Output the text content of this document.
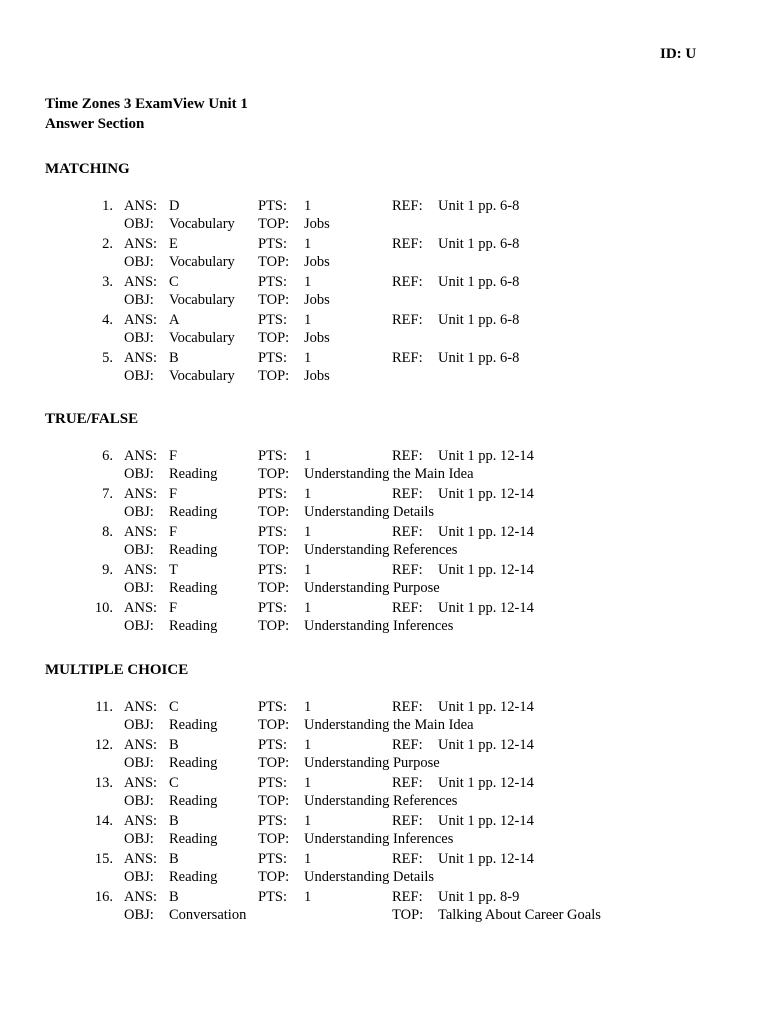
ID: U
Time Zones 3 ExamView Unit 1
Answer Section
MATCHING
1. ANS: D	PTS: 1	REF: Unit 1 pp. 6-8
OBJ: Vocabulary TOP: Jobs
2. ANS: E	PTS: 1	REF: Unit 1 pp. 6-8
OBJ: Vocabulary TOP: Jobs
3. ANS: C	PTS: 1	REF: Unit 1 pp. 6-8
OBJ: Vocabulary TOP: Jobs
4. ANS: A	PTS: 1	REF: Unit 1 pp. 6-8
OBJ: Vocabulary TOP: Jobs
5. ANS: B	PTS: 1	REF: Unit 1 pp. 6-8
OBJ: Vocabulary TOP: Jobs
TRUE/FALSE
6. ANS: F	PTS: 1	REF: Unit 1 pp. 12-14
OBJ: Reading	TOP: Understanding the Main Idea
7. ANS: F	PTS: 1	REF: Unit 1 pp. 12-14
OBJ: Reading	TOP: Understanding Details
8. ANS: F	PTS: 1	REF: Unit 1 pp. 12-14
OBJ: Reading	TOP: Understanding References
9. ANS: T	PTS: 1	REF: Unit 1 pp. 12-14
OBJ: Reading	TOP: Understanding Purpose
10. ANS: F	PTS: 1	REF: Unit 1 pp. 12-14
OBJ: Reading	TOP: Understanding Inferences
MULTIPLE CHOICE
11. ANS: C	PTS: 1	REF: Unit 1 pp. 12-14
OBJ: Reading	TOP: Understanding the Main Idea
12. ANS: B	PTS: 1	REF: Unit 1 pp. 12-14
OBJ: Reading	TOP: Understanding Purpose
13. ANS: C	PTS: 1	REF: Unit 1 pp. 12-14
OBJ: Reading	TOP: Understanding References
14. ANS: B	PTS: 1	REF: Unit 1 pp. 12-14
OBJ: Reading	TOP: Understanding Inferences
15. ANS: B	PTS: 1	REF: Unit 1 pp. 12-14
OBJ: Reading	TOP: Understanding Details
16. ANS: B	PTS: 1	REF: Unit 1 pp. 8-9
OBJ: Conversation	TOP: Talking About Career Goals
